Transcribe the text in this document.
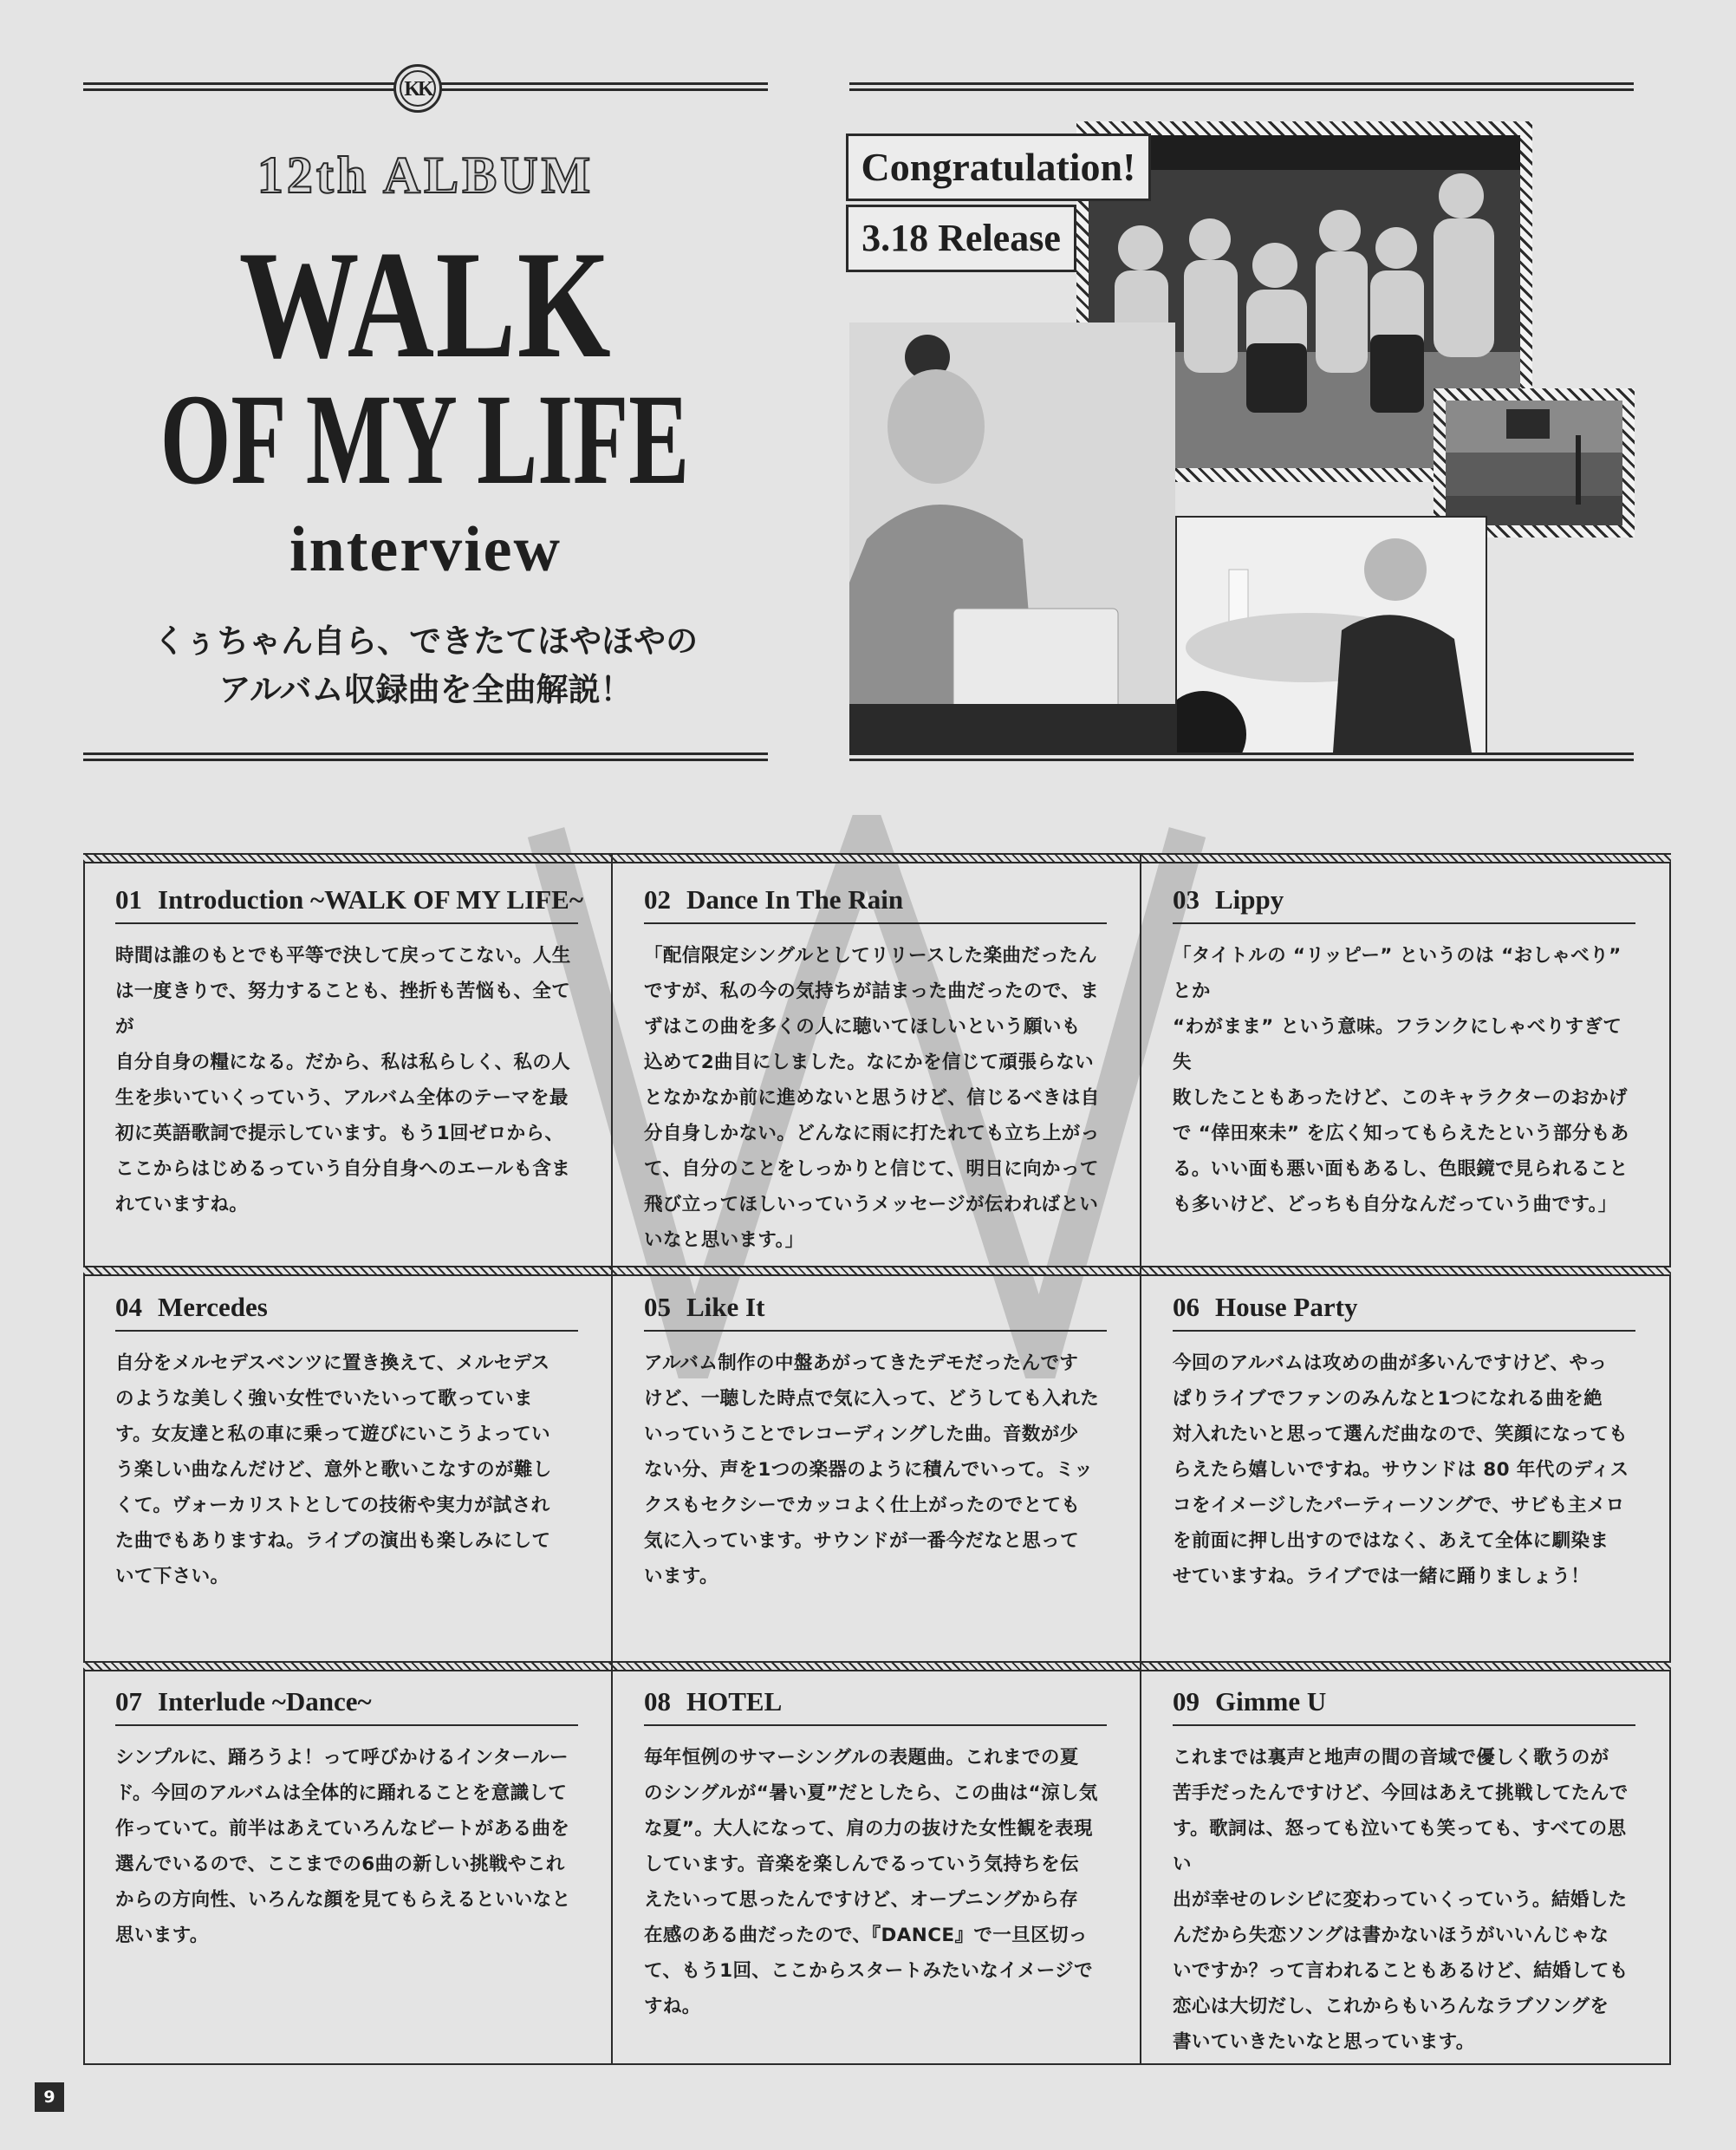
KK
12th ALBUM
WALK
OF MY LIFE
interview
くぅちゃん自ら、できたてほやほやの
アルバム収録曲を全曲解説！
Congratulation!
3.18 Release
01 Introduction ~WALK OF MY LIFE~
時間は誰のもとでも平等で決して戻ってこない。人生
は一度きりで、努力することも、挫折も苦悩も、全てが
自分自身の糧になる。だから、私は私らしく、私の人
生を歩いていくっていう、アルバム全体のテーマを最
初に英語歌詞で提示しています。もう1回ゼロから、
ここからはじめるっていう自分自身へのエールも含ま
れていますね。
02 Dance In The Rain
「配信限定シングルとしてリリースした楽曲だったん
ですが、私の今の気持ちが詰まった曲だったので、ま
ずはこの曲を多くの人に聴いてほしいという願いも
込めて2曲目にしました。なにかを信じて頑張らない
となかなか前に進めないと思うけど、信じるべきは自
分自身しかない。どんなに雨に打たれても立ち上がっ
て、自分のことをしっかりと信じて、明日に向かって
飛び立ってほしいっていうメッセージが伝わればとい
いなと思います。」
03 Lippy
「タイトルの “リッピー” というのは “おしゃべり” とか
“わがまま” という意味。フランクにしゃべりすぎて失
敗したこともあったけど、このキャラクターのおかげ
で “倖田來未” を広く知ってもらえたという部分もあ
る。いい面も悪い面もあるし、色眼鏡で見られること
も多いけど、どっちも自分なんだっていう曲です。」
04 Mercedes
自分をメルセデスベンツに置き換えて、メルセデス
のような美しく強い女性でいたいって歌っていま
す。女友達と私の車に乗って遊びにいこうよってい
う楽しい曲なんだけど、意外と歌いこなすのが難し
くて。ヴォーカリストとしての技術や実力が試され
た曲でもありますね。ライブの演出も楽しみにして
いて下さい。
05 Like It
アルバム制作の中盤あがってきたデモだったんです
けど、一聴した時点で気に入って、どうしても入れた
いっていうことでレコーディングした曲。音数が少
ない分、声を1つの楽器のように積んでいって。ミッ
クスもセクシーでカッコよく仕上がったのでとても
気に入っています。サウンドが一番今だなと思って
います。
06 House Party
今回のアルバムは攻めの曲が多いんですけど、やっ
ぱりライブでファンのみんなと1つになれる曲を絶
対入れたいと思って選んだ曲なので、笑顔になっても
らえたら嬉しいですね。サウンドは 80 年代のディス
コをイメージしたパーティーソングで、サビも主メロ
を前面に押し出すのではなく、あえて全体に馴染ま
せていますね。ライブでは一緒に踊りましょう！
07 Interlude ~Dance~
シンプルに、踊ろうよ！って呼びかけるインタールー
ド。今回のアルバムは全体的に踊れることを意識して
作っていて。前半はあえていろんなビートがある曲を
選んでいるので、ここまでの6曲の新しい挑戦やこれ
からの方向性、いろんな顔を見てもらえるといいなと
思います。
08 HOTEL
毎年恒例のサマーシングルの表題曲。これまでの夏
のシングルが“暑い夏”だとしたら、この曲は“涼し気
な夏”。大人になって、肩の力の抜けた女性観を表現
しています。音楽を楽しんでるっていう気持ちを伝
えたいって思ったんですけど、オープニングから存
在感のある曲だったので、『DANCE』で一旦区切っ
て、もう1回、ここからスタートみたいなイメージで
すね。
09 Gimme U
これまでは裏声と地声の間の音域で優しく歌うのが
苦手だったんですけど、今回はあえて挑戦してたんで
す。歌詞は、怒っても泣いても笑っても、すべての思い
出が幸せのレシピに変わっていくっていう。結婚した
んだから失恋ソングは書かないほうがいいんじゃな
いですか？って言われることもあるけど、結婚しても
恋心は大切だし、これからもいろんなラブソングを
書いていきたいなと思っています。
9
